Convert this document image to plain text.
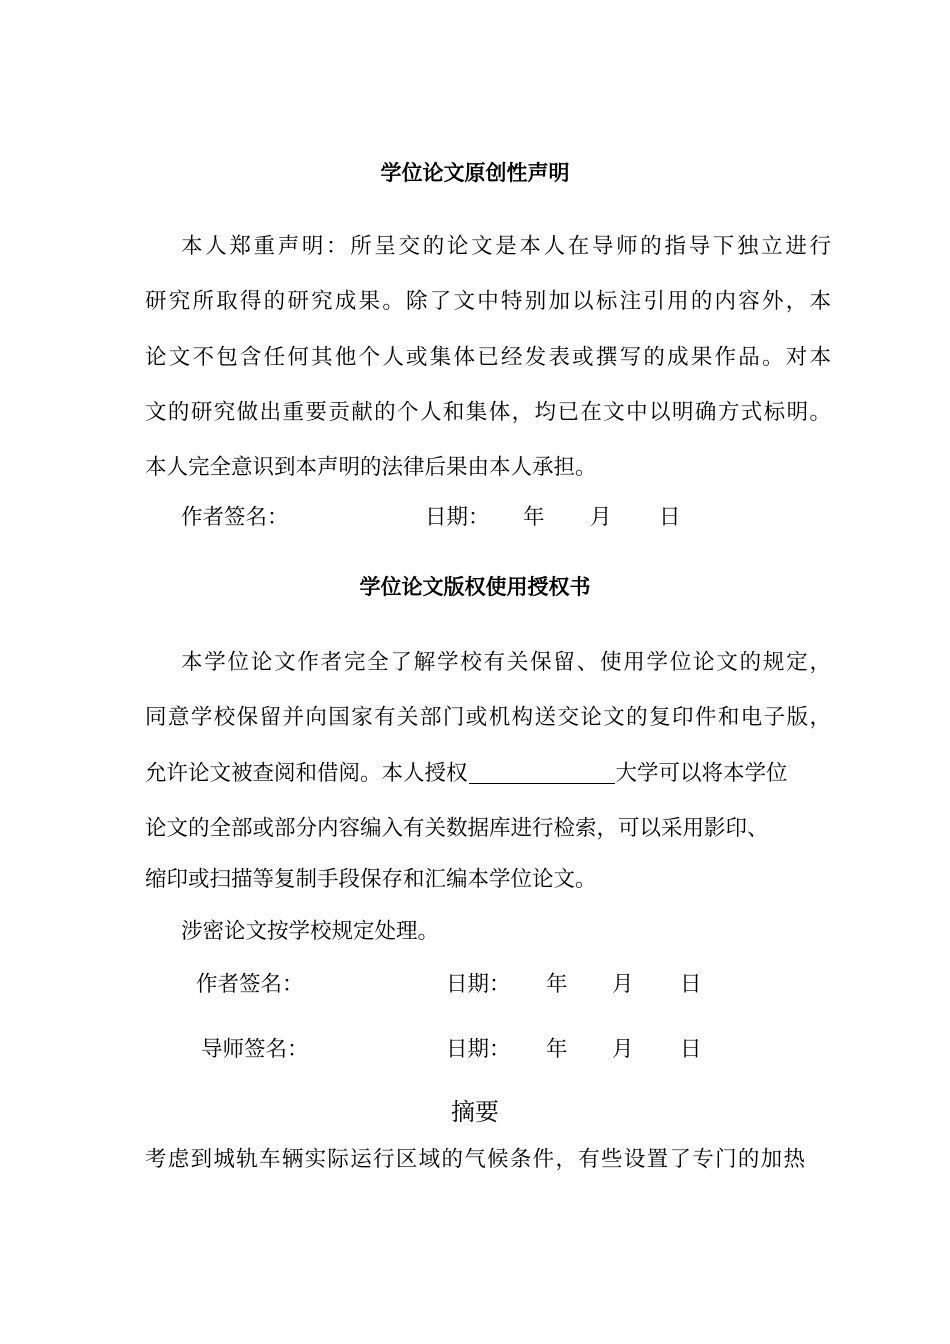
学位论文原创性声明
本人郑重声明：所呈交的论文是本人在导师的指导下独立进行
研究所取得的研究成果。除了文中特别加以标注引用的内容外，本
论文不包含任何其他个人或集体已经发表或撰写的成果作品。对本
文的研究做出重要贡献的个人和集体，均已在文中以明确方式标明。
本人完全意识到本声明的法律后果由本人承担。
作者签名：	日期： 年 月 日
学位论文版权使用授权书
本学位论文作者完全了解学校有关保留、使用学位论文的规定，
同意学校保留并向国家有关部门或机构送交论文的复印件和电子版，
允许论文被查阅和借阅。本人授权	大学可以将本学位
论文的全部或部分内容编入有关数据库进行检索，可以采用影印、
缩印或扫描等复制手段保存和汇编本学位论文。
涉密论文按学校规定处理。
作者签名：	日期： 年 月 日
导师签名：	日期： 年 月 日
摘要
考虑到城轨车辆实际运行区域的气候条件，有些设置了专门的加热
